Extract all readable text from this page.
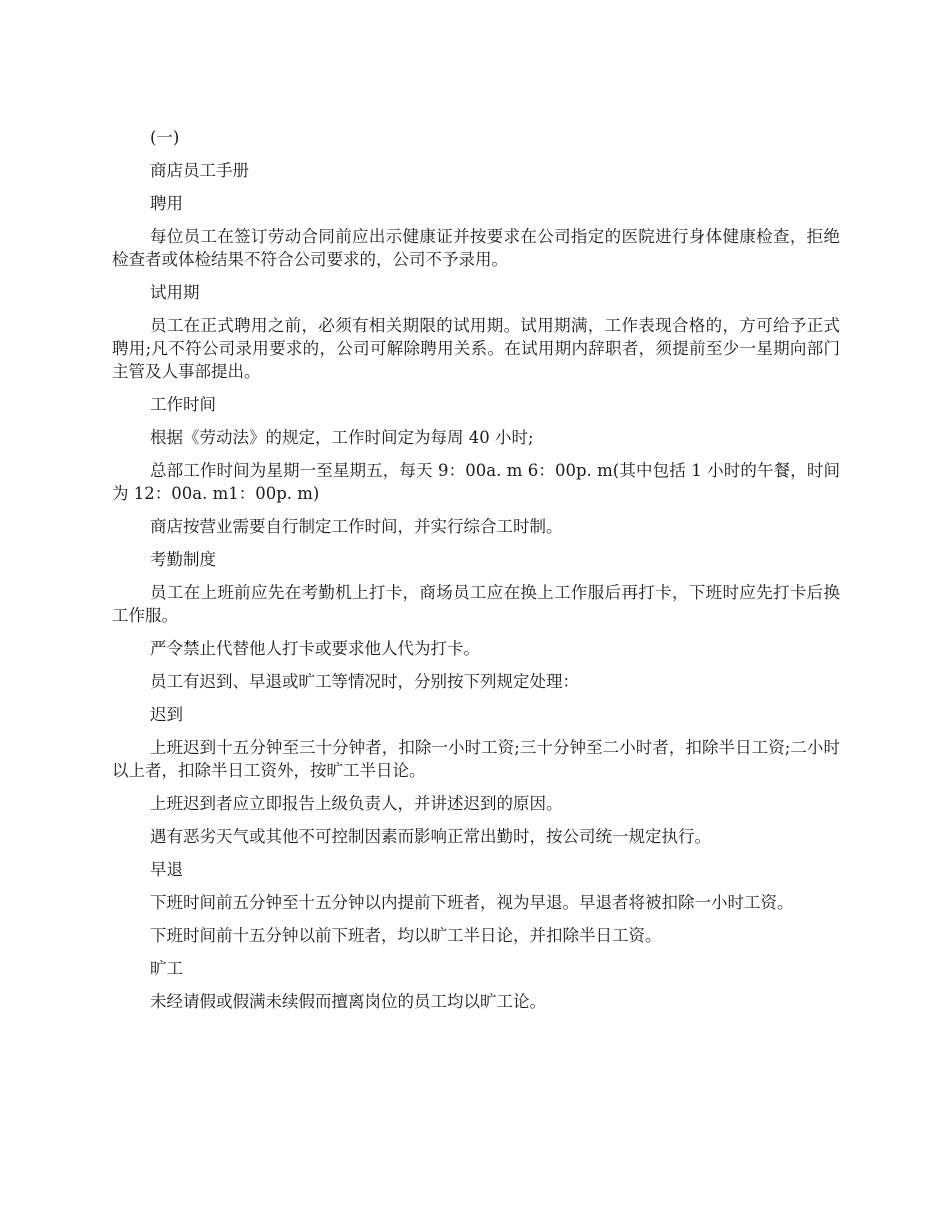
(一)

商店员工手册

聘用

每位员工在签订劳动合同前应出示健康证并按要求在公司指定的医院进行身体健康检查，拒绝检查者或体检结果不符合公司要求的，公司不予录用。

试用期

员工在正式聘用之前，必须有相关期限的试用期。试用期满，工作表现合格的，方可给予正式聘用;凡不符公司录用要求的，公司可解除聘用关系。在试用期内辞职者，须提前至少一星期向部门主管及人事部提出。

工作时间

根据《劳动法》的规定，工作时间定为每周 40 小时;

总部工作时间为星期一至星期五，每天 9：00a. m 6：00p. m(其中包括 1 小时的午餐，时间为 12：00a. m1：00p. m)

商店按营业需要自行制定工作时间，并实行综合工时制。

考勤制度

员工在上班前应先在考勤机上打卡，商场员工应在换上工作服后再打卡，下班时应先打卡后换工作服。

严令禁止代替他人打卡或要求他人代为打卡。

员工有迟到、早退或旷工等情况时，分别按下列规定处理：

迟到

上班迟到十五分钟至三十分钟者，扣除一小时工资;三十分钟至二小时者，扣除半日工资;二小时以上者，扣除半日工资外，按旷工半日论。

上班迟到者应立即报告上级负责人，并讲述迟到的原因。

遇有恶劣天气或其他不可控制因素而影响正常出勤时，按公司统一规定执行。

早退

下班时间前五分钟至十五分钟以内提前下班者，视为早退。早退者将被扣除一小时工资。

下班时间前十五分钟以前下班者，均以旷工半日论，并扣除半日工资。

旷工

未经请假或假满未续假而擅离岗位的员工均以旷工论。
